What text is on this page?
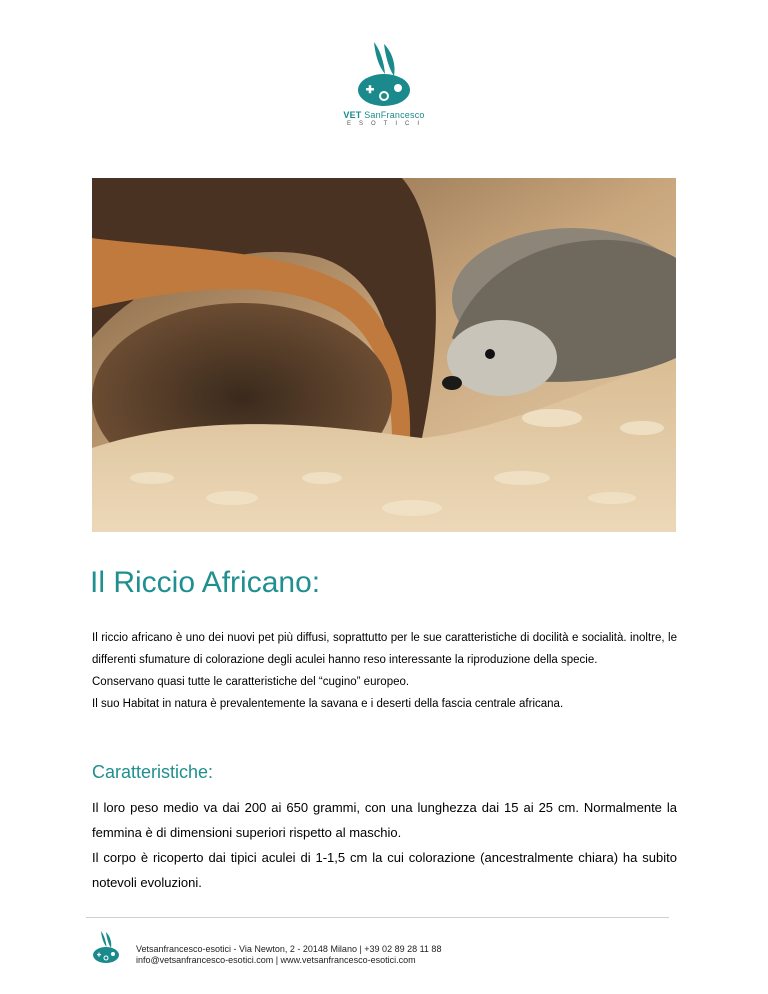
VET SanFrancesco
ESOTICI
Il Riccio Africano:

Il riccio africano è uno dei nuovi pet più diffusi, soprattutto per le sue caratteristiche di docilità e socialità. inoltre, le differenti sfumature di colorazione degli aculei hanno reso interessante la riproduzione della specie.

Conservano quasi tutte le caratteristiche del “cugino” europeo.

Il suo Habitat in natura è prevalentemente la savana e i deserti della fascia centrale africana.

Caratteristiche:

Il loro peso medio va dai 200 ai 650 grammi, con una lunghezza dai 15 ai 25 cm. Normalmente la femmina è di dimensioni superiori rispetto al maschio.

Il corpo è ricoperto dai tipici aculei di 1-1,5 cm la cui colorazione (ancestralmente chiara) ha subito notevoli evoluzioni.

Vetsanfrancesco-esotici - Via Newton, 2 - 20148 Milano | +39 02 89 28 11 88
info@vetsanfrancesco-esotici.com | www.vetsanfrancesco-esotici.com
